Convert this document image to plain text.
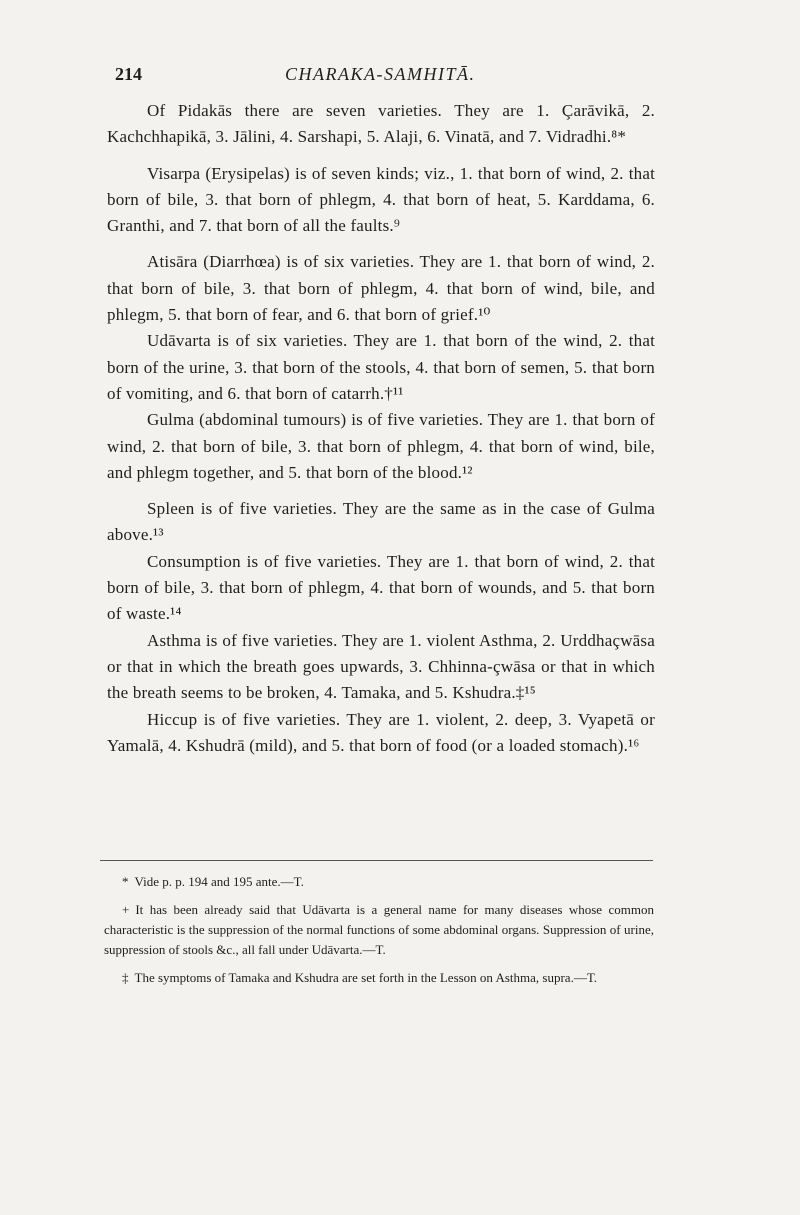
214	CHARAKA-SAMHITĀ.

Of Pidakās there are seven varieties. They are 1. Çarāvikā, 2. Kachchhapikā, 3. Jālini, 4. Sarshapi, 5. Alaji, 6. Vinatā, and 7. Vidradhi.⁸*

Visarpa (Erysipelas) is of seven kinds; viz., 1. that born of wind, 2. that born of bile, 3. that born of phlegm, 4. that born of heat, 5. Karddama, 6. Granthi, and 7. that born of all the faults.⁹

Atisāra (Diarrhœa) is of six varieties. They are 1. that born of wind, 2. that born of bile, 3. that born of phlegm, 4. that born of wind, bile, and phlegm, 5. that born of fear, and 6. that born of grief.¹⁰

Udāvarta is of six varieties. They are 1. that born of the wind, 2. that born of the urine, 3. that born of the stools, 4. that born of semen, 5. that born of vomiting, and 6. that born of catarrh.†¹¹

Gulma (abdominal tumours) is of five varieties. They are 1. that born of wind, 2. that born of bile, 3. that born of phlegm, 4. that born of wind, bile, and phlegm together, and 5. that born of the blood.¹²

Spleen is of five varieties. They are the same as in the case of Gulma above.¹³

Consumption is of five varieties. They are 1. that born of wind, 2. that born of bile, 3. that born of phlegm, 4. that born of wounds, and 5. that born of waste.¹⁴

Asthma is of five varieties. They are 1. violent Asthma, 2. Urddhaçwāsa or that in which the breath goes upwards, 3. Chhinna-çwāsa or that in which the breath seems to be broken, 4. Tamaka, and 5. Kshudra.‡¹⁵

Hiccup is of five varieties. They are 1. violent, 2. deep, 3. Vyapetā or Yamalā, 4. Kshudrā (mild), and 5. that born of food (or a loaded stomach).¹⁶

* Vide p. p. 194 and 195 ante.—T.

+ It has been already said that Udāvarta is a general name for many diseases whose common characteristic is the suppression of the normal functions of some abdominal organs. Suppression of urine, suppression of stools &c., all fall under Udāvarta.—T.

‡ The symptoms of Tamaka and Kshudra are set forth in the Lesson on Asthma, supra.—T.
